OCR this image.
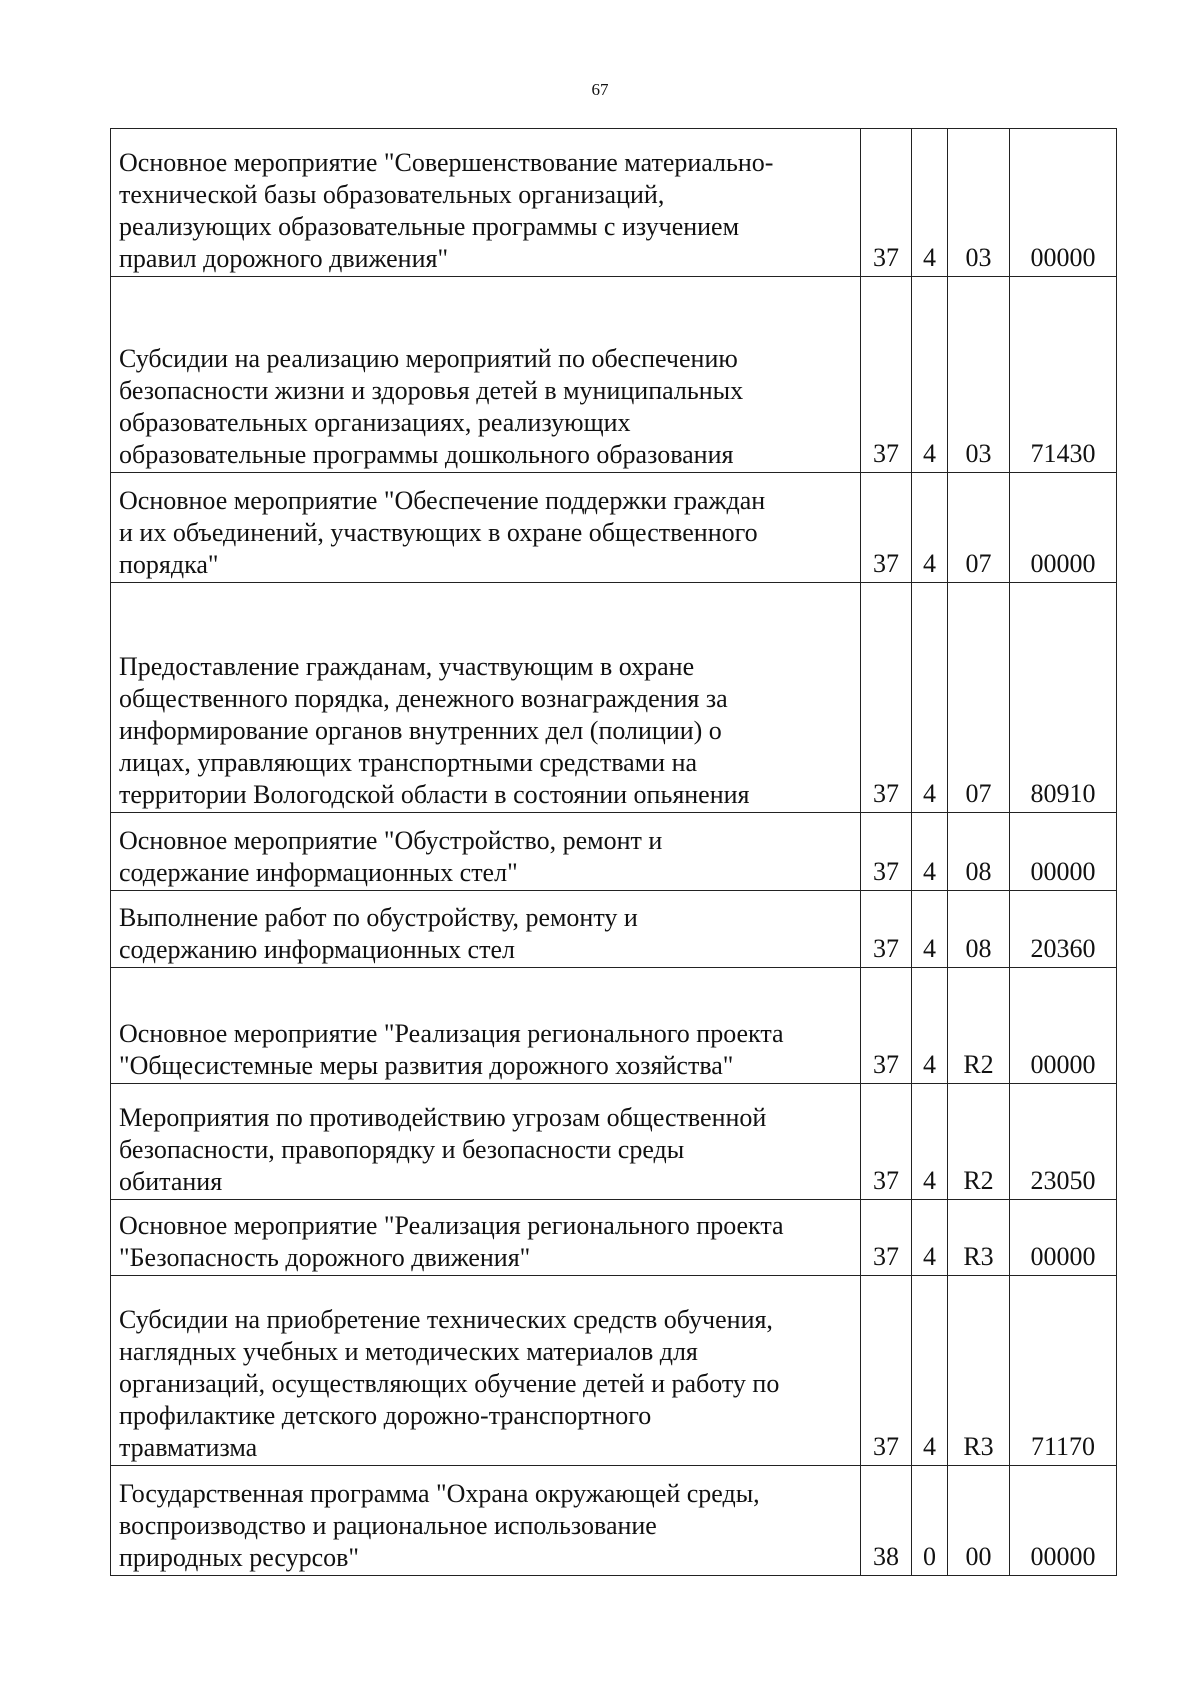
67
Основное мероприятие "Совершенствование материально-
технической базы образовательных организаций,
реализующих образовательные программы с изучением
правил дорожного движения"	37	4	03	00000
Субсидии на реализацию мероприятий по обеспечению
безопасности жизни и здоровья детей в муниципальных
образовательных организациях, реализующих
образовательные программы дошкольного образования	37	4	03	71430
Основное мероприятие "Обеспечение поддержки граждан
и их объединений, участвующих в охране общественного
порядка"	37	4	07	00000
Предоставление гражданам, участвующим в охране
общественного порядка, денежного вознаграждения за
информирование органов внутренних дел (полиции) о
лицах, управляющих транспортными средствами на
территории Вологодской области в состоянии опьянения	37	4	07	80910
Основное мероприятие "Обустройство, ремонт и
содержание информационных стел"	37	4	08	00000
Выполнение работ по обустройству, ремонту и
содержанию информационных стел	37	4	08	20360
Основное мероприятие "Реализация регионального проекта
"Общесистемные меры развития дорожного хозяйства"	37	4	R2	00000
Мероприятия по противодействию угрозам общественной
безопасности, правопорядку и безопасности среды
обитания	37	4	R2	23050
Основное мероприятие "Реализация регионального проекта
"Безопасность дорожного движения"	37	4	R3	00000
Субсидии на приобретение технических средств обучения,
наглядных учебных и методических материалов для
организаций, осуществляющих обучение детей и работу по
профилактике детского дорожно-транспортного
травматизма	37	4	R3	71170
Государственная программа "Охрана окружающей среды,
воспроизводство и рациональное использование
природных ресурсов"	38	0	00	00000
